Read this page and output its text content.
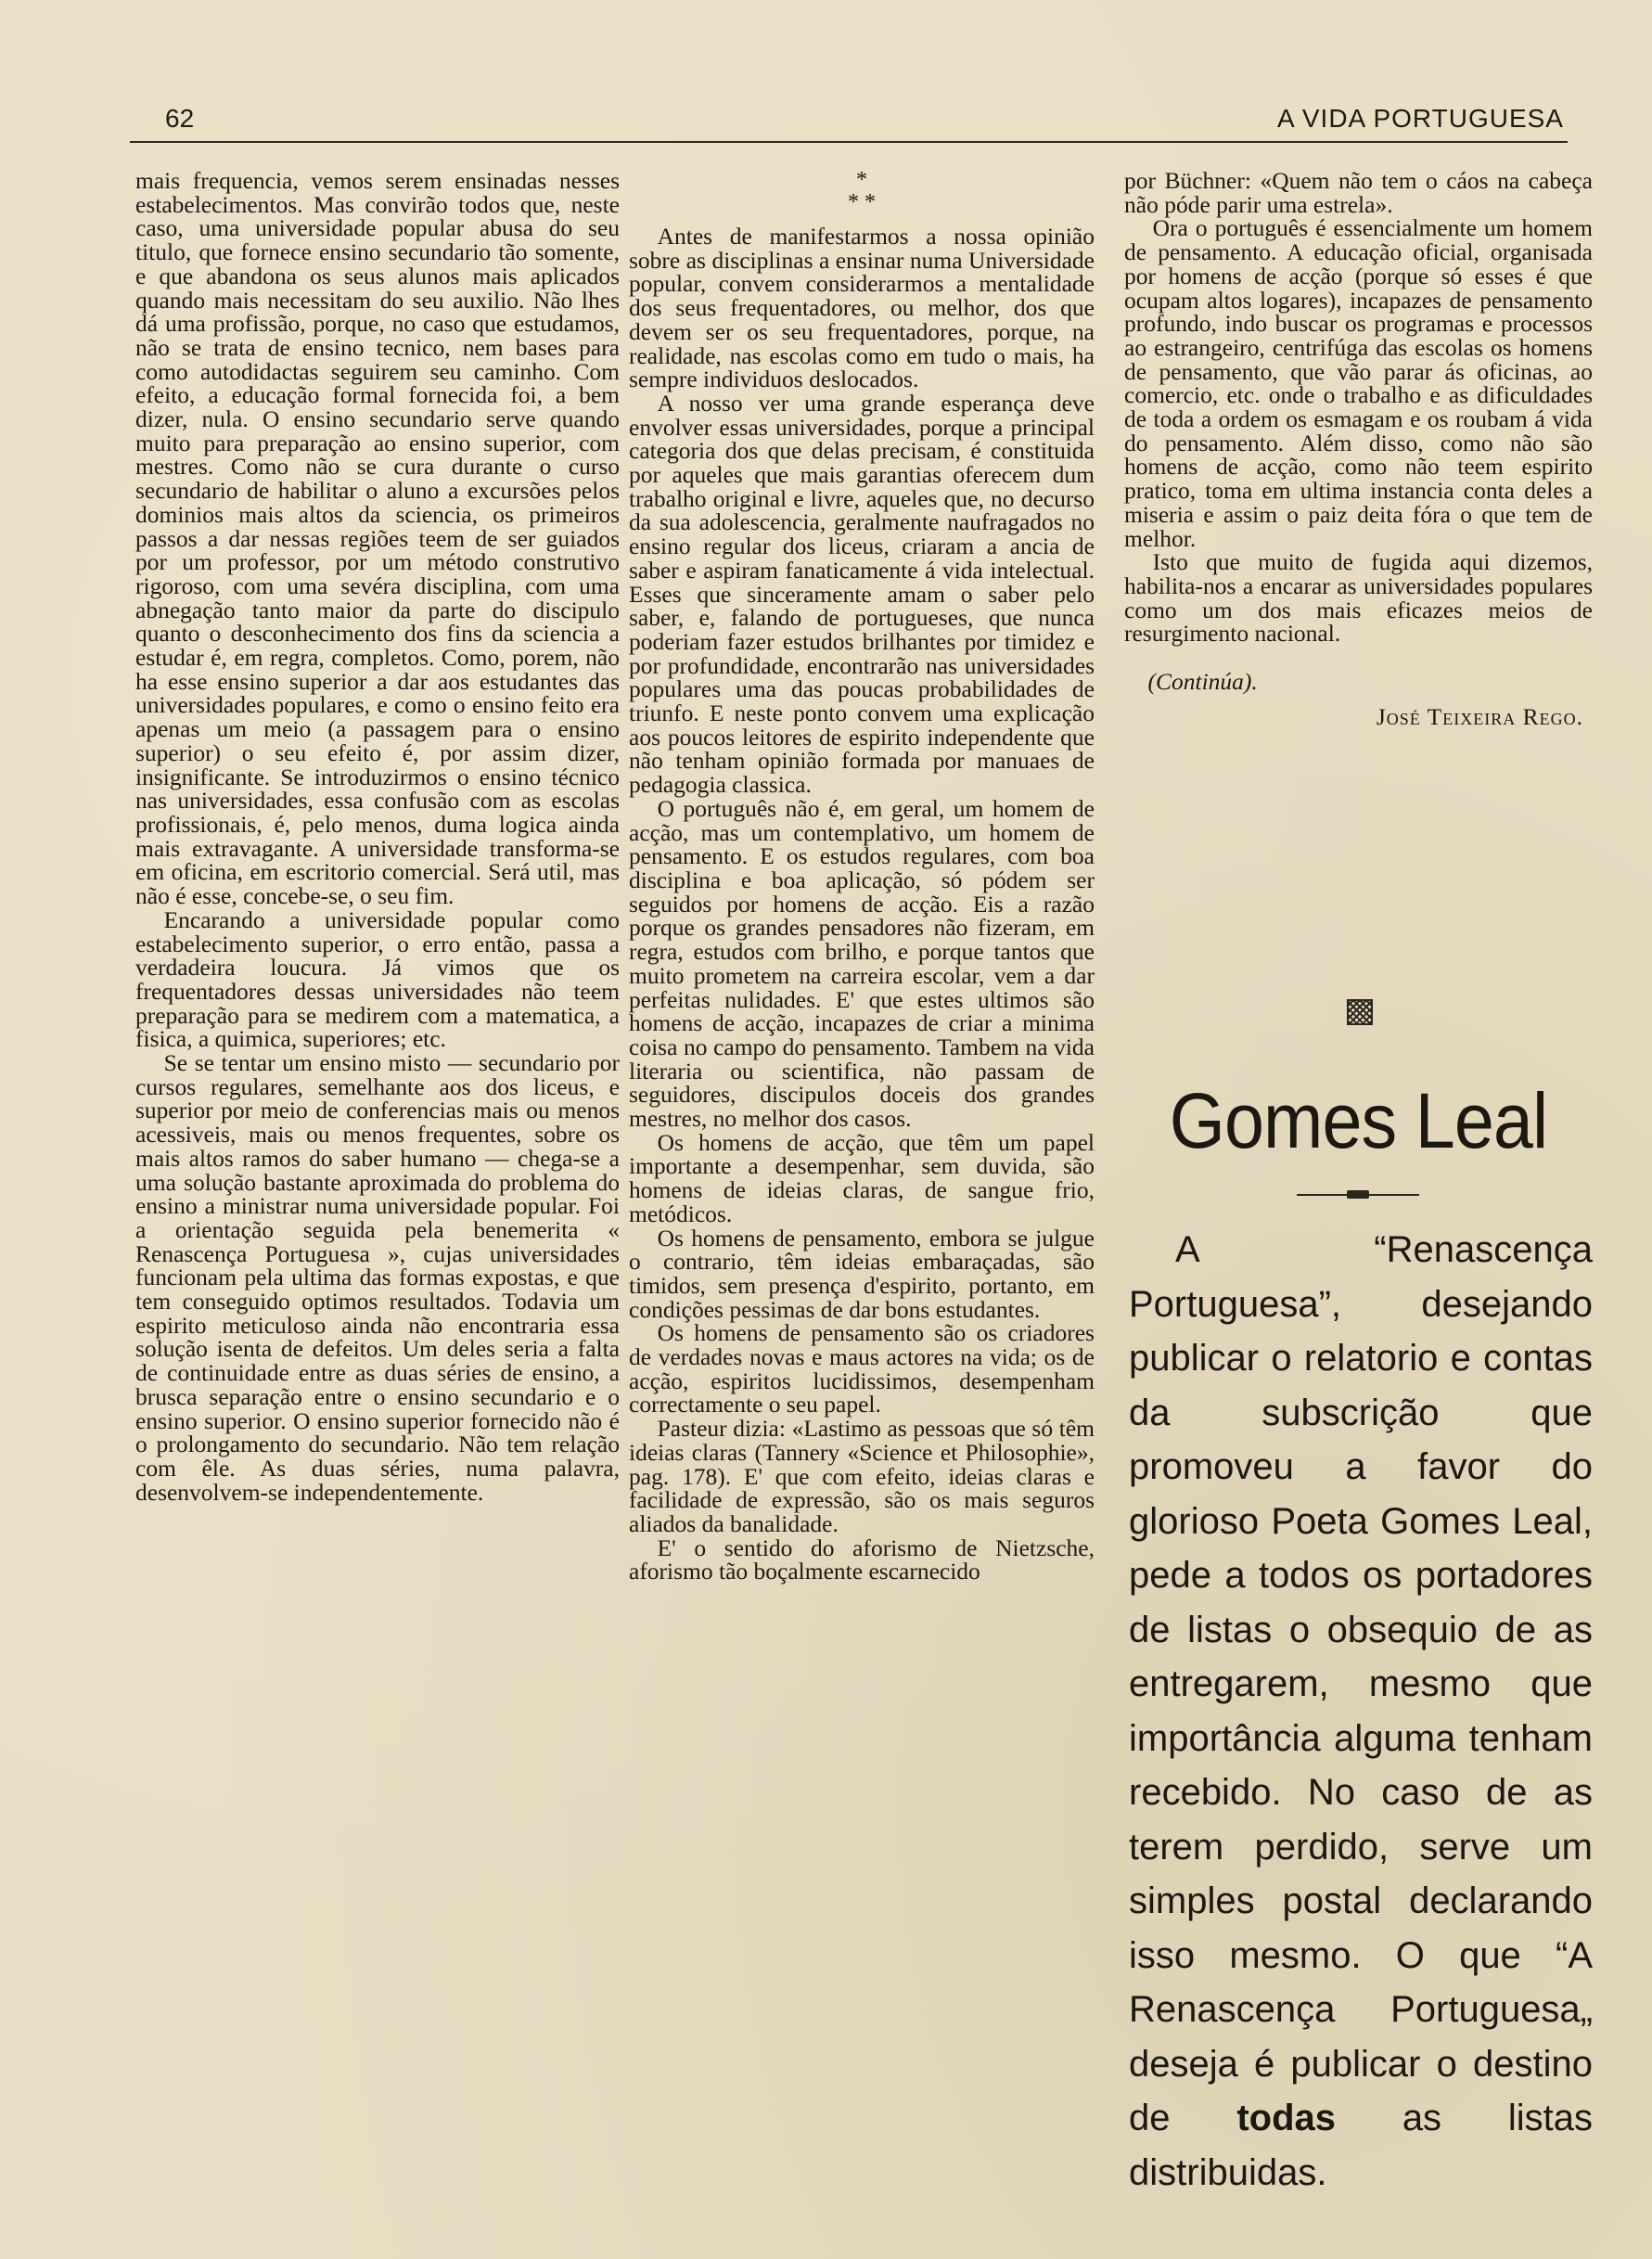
62	A VIDA PORTUGUESA

mais frequencia, vemos serem ensinadas nesses estabelecimentos. Mas convirão todos que, neste caso, uma universidade popular abusa do seu titulo, que fornece ensino secundario tão somente, e que abandona os seus alunos mais aplicados quando mais necessitam do seu auxilio. Não lhes dá uma profissão, porque, no caso que estudamos, não se trata de ensino tecnico, nem bases para como autodidactas seguirem seu caminho. Com efeito, a educação formal fornecida foi, a bem dizer, nula. O ensino secundario serve quando muito para preparação ao ensino superior, com mestres. Como não se cura durante o curso secundario de habilitar o aluno a excursões pelos dominios mais altos da sciencia, os primeiros passos a dar nessas regiões teem de ser guiados por um professor, por um método construtivo rigoroso, com uma sevéra disciplina, com uma abnegação tanto maior da parte do discipulo quanto o desconhecimento dos fins da sciencia a estudar é, em regra, completos. Como, porem, não ha esse ensino superior a dar aos estudantes das universidades populares, e como o ensino feito era apenas um meio (a passagem para o ensino superior) o seu efeito é, por assim dizer, insignificante. Se introduzirmos o ensino técnico nas universidades, essa confusão com as escolas profissionais, é, pelo menos, duma logica ainda mais extravagante. A universidade transforma-se em oficina, em escritorio comercial. Será util, mas não é esse, concebe-se, o seu fim.

Encarando a universidade popular como estabelecimento superior, o erro então, passa a verdadeira loucura. Já vimos que os frequentadores dessas universidades não teem preparação para se medirem com a matematica, a fisica, a quimica, superiores; etc.

Se se tentar um ensino misto — secundario por cursos regulares, semelhante aos dos liceus, e superior por meio de conferencias mais ou menos acessiveis, mais ou menos frequentes, sobre os mais altos ramos do saber humano — chega-se a uma solução bastante aproximada do problema do ensino a ministrar numa universidade popular. Foi a orientação seguida pela benemerita « Renascença Portuguesa », cujas universidades funcionam pela ultima das formas expostas, e que tem conseguido optimos resultados. Todavia um espirito meticuloso ainda não encontraria essa solução isenta de defeitos. Um deles seria a falta de continuidade entre as duas séries de ensino, a brusca separação entre o ensino secundario e o ensino superior. O ensino superior fornecido não é o prolongamento do secundario. Não tem relação com êle. As duas séries, numa palavra, desenvolvem-se independentemente.

*
* *

Antes de manifestarmos a nossa opinião sobre as disciplinas a ensinar numa Universidade popular, convem considerarmos a mentalidade dos seus frequentadores, ou melhor, dos que devem ser os seu frequentadores, porque, na realidade, nas escolas como em tudo o mais, ha sempre individuos deslocados.

A nosso ver uma grande esperança deve envolver essas universidades, porque a principal categoria dos que delas precisam, é constituida por aqueles que mais garantias oferecem dum trabalho original e livre, aqueles que, no decurso da sua adolescencia, geralmente naufragados no ensino regular dos liceus, criaram a ancia de saber e aspiram fanaticamente á vida intelectual. Esses que sinceramente amam o saber pelo saber, e, falando de portugueses, que nunca poderiam fazer estudos brilhantes por timidez e por profundidade, encontrarão nas universidades populares uma das poucas probabilidades de triunfo. E neste ponto convem uma explicação aos poucos leitores de espirito independente que não tenham opinião formada por manuaes de pedagogia classica.

O português não é, em geral, um homem de acção, mas um contemplativo, um homem de pensamento. E os estudos regulares, com boa disciplina e boa aplicação, só pódem ser seguidos por homens de acção. Eis a razão porque os grandes pensadores não fizeram, em regra, estudos com brilho, e porque tantos que muito prometem na carreira escolar, vem a dar perfeitas nulidades. E' que estes ultimos são homens de acção, incapazes de criar a minima coisa no campo do pensamento. Tambem na vida literaria ou scientifica, não passam de seguidores, discipulos doceis dos grandes mestres, no melhor dos casos.

Os homens de acção, que têm um papel importante a desempenhar, sem duvida, são homens de ideias claras, de sangue frio, metódicos.

Os homens de pensamento, embora se julgue o contrario, têm ideias embaraçadas, são timidos, sem presença d'espirito, portanto, em condições pessimas de dar bons estudantes.

Os homens de pensamento são os criadores de verdades novas e maus actores na vida; os de acção, espiritos lucidissimos, desempenham correctamente o seu papel.

Pasteur dizia: «Lastimo as pessoas que só têm ideias claras (Tannery «Science et Philosophie», pag. 178). E' que com efeito, ideias claras e facilidade de expressão, são os mais seguros aliados da banalidade.

E' o sentido do aforismo de Nietzsche, aforismo tão boçalmente escarnecido

por Büchner: «Quem não tem o cáos na cabeça não póde parir uma estrela».

Ora o português é essencialmente um homem de pensamento. A educação oficial, organisada por homens de acção (porque só esses é que ocupam altos logares), incapazes de pensamento profundo, indo buscar os programas e processos ao estrangeiro, centrifúga das escolas os homens de pensamento, que vão parar ás oficinas, ao comercio, etc. onde o trabalho e as dificuldades de toda a ordem os esmagam e os roubam á vida do pensamento. Além disso, como não são homens de acção, como não teem espirito pratico, toma em ultima instancia conta deles a miseria e assim o paiz deita fóra o que tem de melhor.

Isto que muito de fugida aqui dizemos, habilita-nos a encarar as universidades populares como um dos mais eficazes meios de resurgimento nacional.

(Continúa).

José Teixeira Rego.

Gomes Leal

A “Renascença Portuguesa”, desejando publicar o relatorio e contas da subscrição que promoveu a favor do glorioso Poeta Gomes Leal, pede a todos os portadores de listas o obsequio de as entregarem, mesmo que importância alguma tenham recebido. No caso de as terem perdido, serve um simples postal declarando isso mesmo. O que “A Renascença Portuguesa„ deseja é publicar o destino de todas as listas distribuidas.
